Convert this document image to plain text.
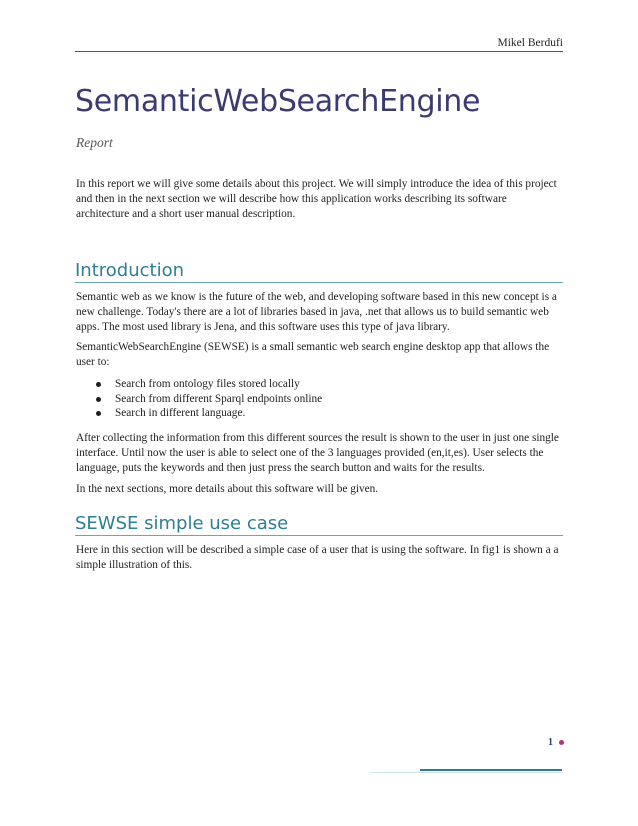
Mikel Berdufi
SemanticWebSearchEngine
Report

In this report we will give some details about this project. We will simply introduce the idea of this project and then in the next section we will describe how this application works describing its software architecture and a short user manual description.

Introduction

Semantic web as we know is the future of the web, and developing software based in this new concept is a new challenge. Today's there are a lot of libraries based in java, .net that allows us to build semantic web apps. The most used library is Jena, and this software uses this type of java library.

SemanticWebSearchEngine (SEWSE) is a small semantic web search engine desktop app that allows the user to:

Search from ontology files stored locally
Search from different Sparql endpoints online
Search in different language.

After collecting the information from this different sources the result is shown to the user in just one single interface. Until now the user is able to select one of the 3 languages provided (en,it,es). User selects the language, puts the keywords and then just press the search button and waits for the results.

In the next sections, more details about this software will be given.

SEWSE simple use case

Here in this section will be described a simple case of a user that is using the software. In fig1 is shown a a simple illustration of this.

1
